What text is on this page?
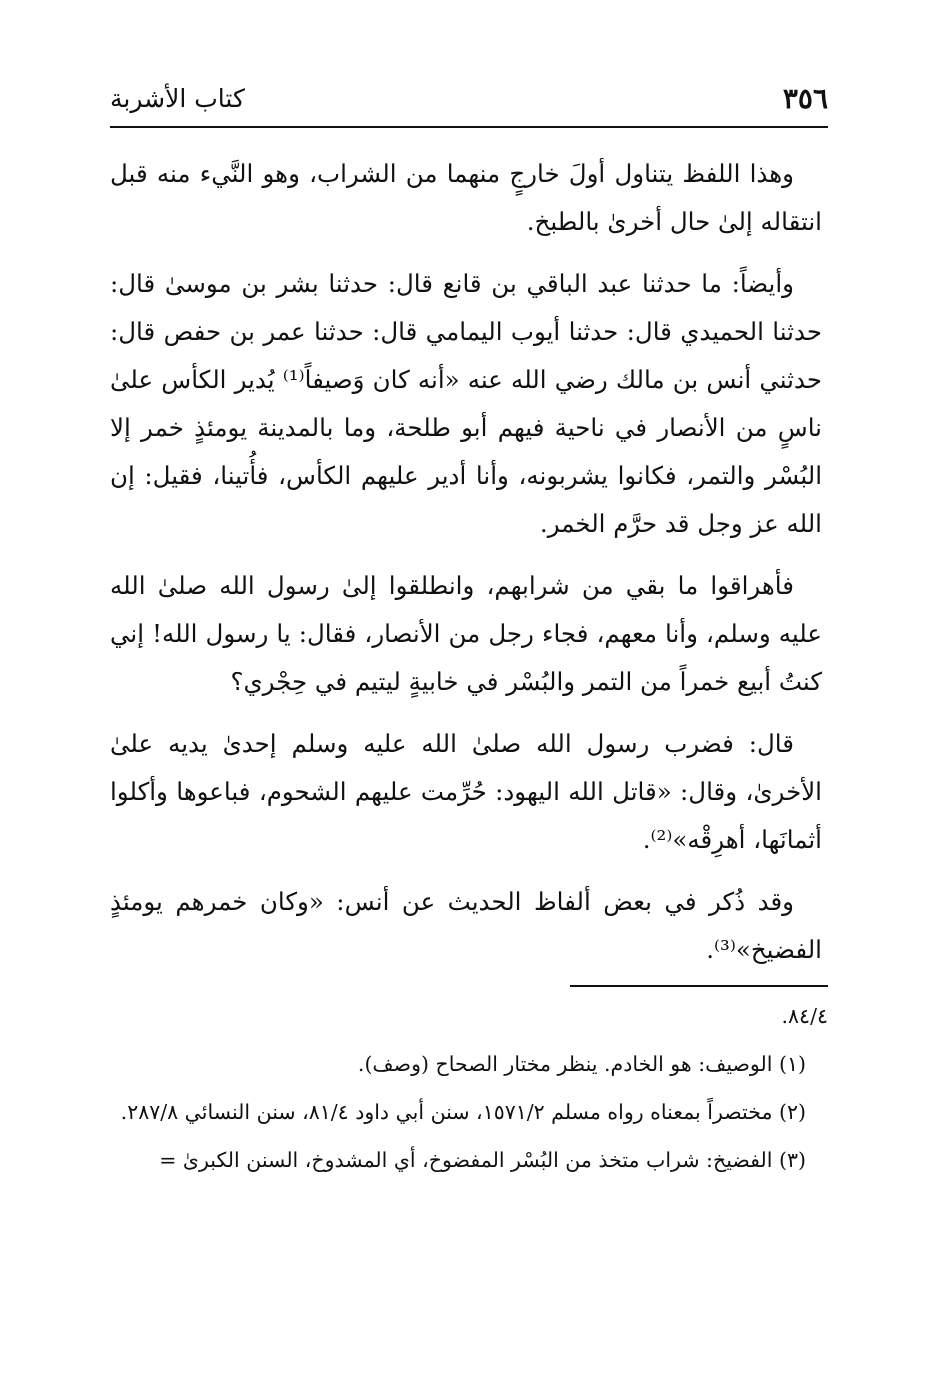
٣٥٦
كتاب الأشربة

وهذا اللفظ يتناول أولَ خارجٍ منهما من الشراب، وهو النَّيء منه قبل انتقاله إلىٰ حال أخرىٰ بالطبخ.

وأيضاً: ما حدثنا عبد الباقي بن قانع قال: حدثنا بشر بن موسىٰ قال: حدثنا الحميدي قال: حدثنا أيوب اليمامي قال: حدثنا عمر بن حفص قال: حدثني أنس بن مالك رضي الله عنه «أنه كان وَصيفاً⁽¹⁾ يُدير الكأس علىٰ ناسٍ من الأنصار في ناحية فيهم أبو طلحة، وما بالمدينة يومئذٍ خمر إلا البُسْر والتمر، فكانوا يشربونه، وأنا أدير عليهم الكأس، فأُتينا، فقيل: إن الله عز وجل قد حرَّم الخمر.

فأهراقوا ما بقي من شرابهم، وانطلقوا إلىٰ رسول الله صلىٰ الله عليه وسلم، وأنا معهم، فجاء رجل من الأنصار، فقال: يا رسول الله! إني كنتُ أبيع خمراً من التمر والبُسْر في خابيةٍ ليتيم في حِجْري؟

قال: فضرب رسول الله صلىٰ الله عليه وسلم إحدىٰ يديه علىٰ الأخرىٰ، وقال: «قاتل الله اليهود: حُرِّمت عليهم الشحوم، فباعوها وأكلوا أثمانَها، أهرِقْه»⁽²⁾.

وقد ذُكر في بعض ألفاظ الحديث عن أنس: «وكان خمرهم يومئذٍ الفضيخ»⁽³⁾.

٨٤/٤.

(١) الوصيف: هو الخادم. ينظر مختار الصحاح (وصف).

(٢) مختصراً بمعناه رواه مسلم ١٥٧١/٢، سنن أبي داود ٨١/٤، سنن النسائي ٢٨٧/٨.

(٣) الفضيخ: شراب متخذ من البُسْر المفضوخ، أي المشدوخ، السنن الكبرىٰ =
